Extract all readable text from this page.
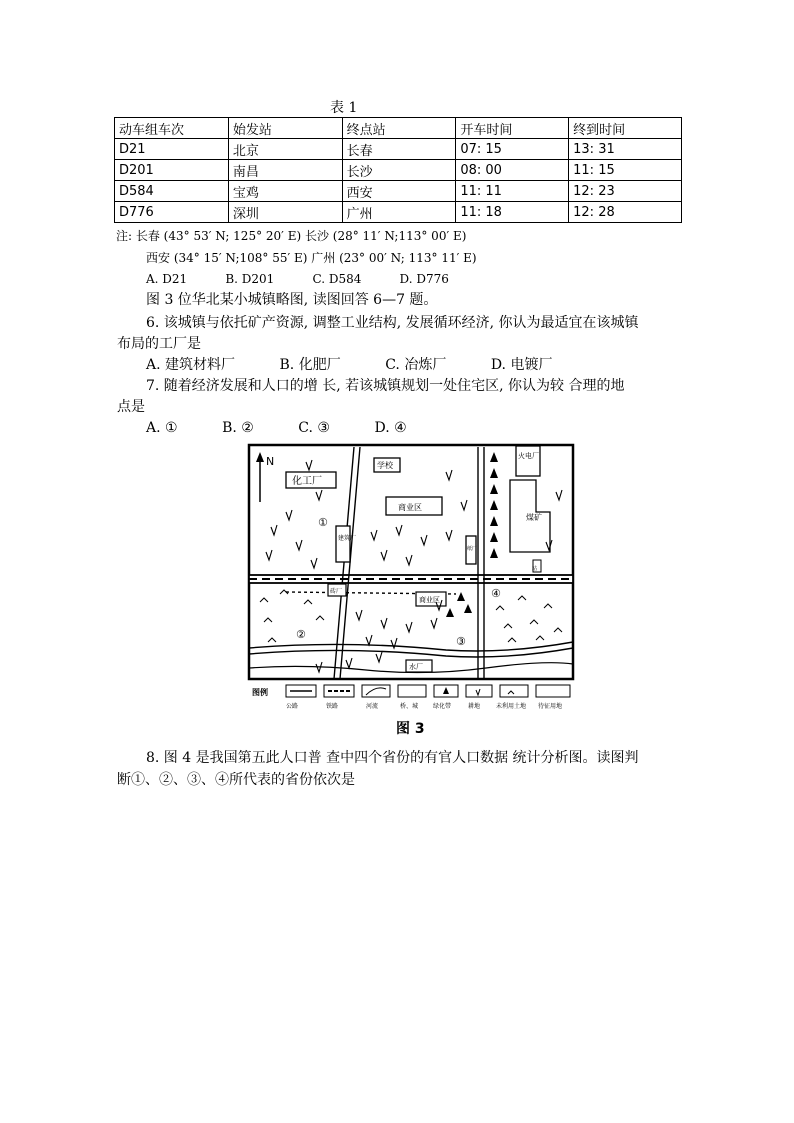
表 1
动车组车次	始发站	终点站	开车时间	终到时间
D21	北京	长春	07: 15	13: 31
D201	南昌	长沙	08: 00	11: 15
D584	宝鸡	西安	11: 11	12: 23
D776	深圳	广州	11: 18	12: 28
注: 长春 (43° 53′ N; 125° 20′ E) 长沙 (28° 11′ N;113° 00′ E)
西安 (34° 15′ N;108° 55′ E) 广州 (23° 00′ N; 113° 11′ E)
A. D21          B. D201          C. D584          D. D776
图 3 位华北某小城镇略图, 读图回答 6—7 题。
6. 该城镇与依托矿产资源, 调整工业结构, 发展循环经济, 你认为最适宜在该城镇
布局的工厂是
A. 建筑材料厂          B. 化肥厂          C. 冶炼厂          D. 电镀厂
7. 随着经济发展和人口的增 长, 若该城镇规划一处住宅区, 你认为较 合理的地
点是
A. ①          B. ②          C. ③          D. ④
N
化工厂
学校
商业区
火电厂
煤矿
建筑厂
纸厂
砖厂
商业区
水厂
站
①
②
③
④
图例
公路	铁路	河流	桥、城 绿化带	耕地	未利用土地 待征用地
图 3
8. 图 4 是我国第五此人口普 查中四个省份的有官人口数据 统计分析图。读图判
断①、②、③、④所代表的省份依次是
